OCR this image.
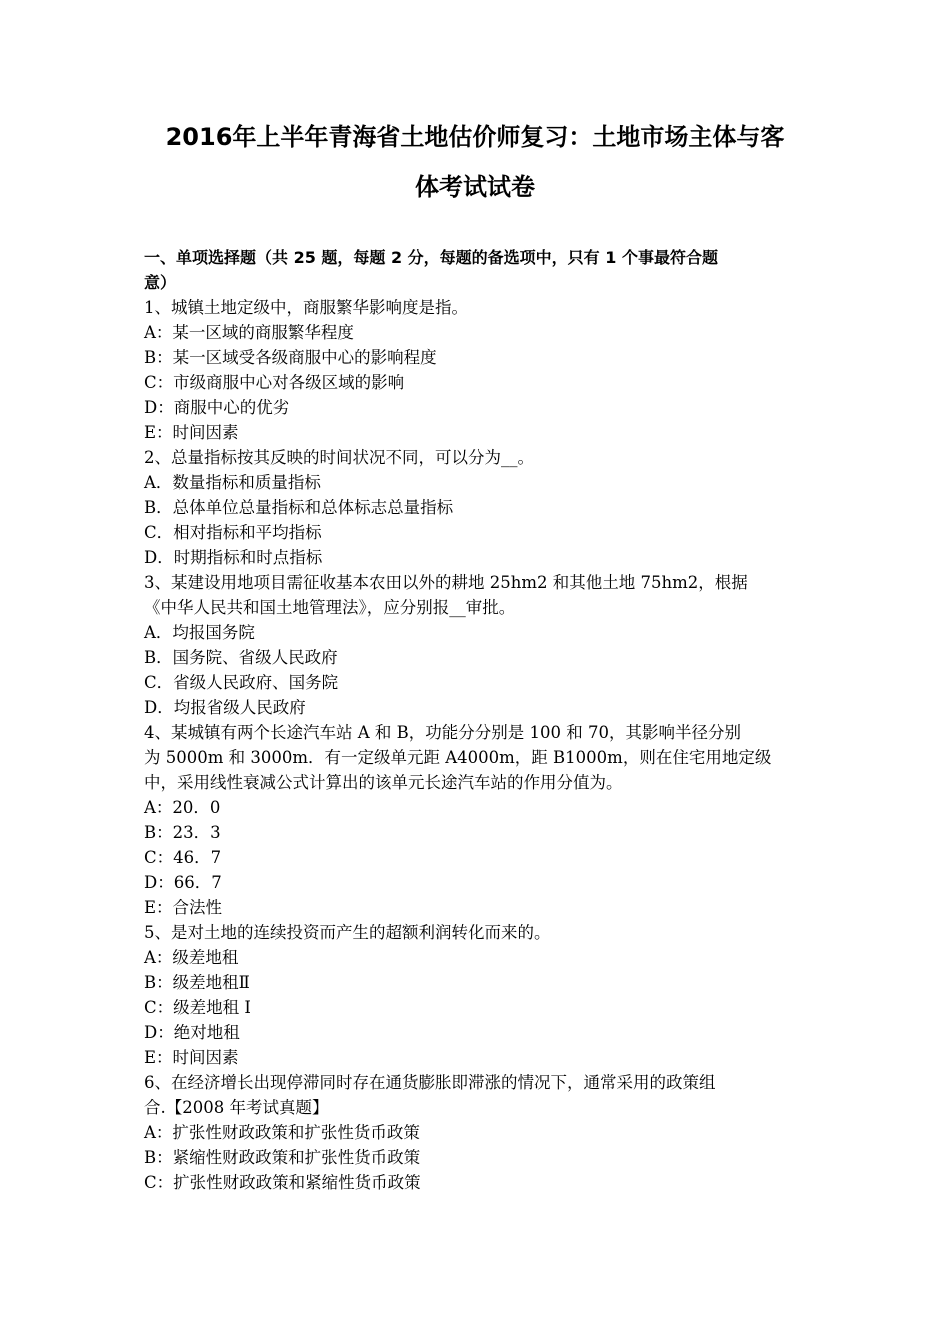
2016年上半年青海省土地估价师复习：土地市场主体与客
体考试试卷
一、单项选择题（共 25 题，每题 2 分，每题的备选项中，只有 1 个事最符合题
意）
1、城镇土地定级中，商服繁华影响度是指。
A：某一区域的商服繁华程度
B：某一区域受各级商服中心的影响程度
C：市级商服中心对各级区域的影响
D：商服中心的优劣
E：时间因素
2、总量指标按其反映的时间状况不同，可以分为__。
A．数量指标和质量指标
B．总体单位总量指标和总体标志总量指标
C．相对指标和平均指标
D．时期指标和时点指标
3、某建设用地项目需征收基本农田以外的耕地 25hm2 和其他土地 75hm2，根据
《中华人民共和国土地管理法》，应分别报__审批。
A．均报国务院
B．国务院、省级人民政府
C．省级人民政府、国务院
D．均报省级人民政府
4、某城镇有两个长途汽车站 A 和 B，功能分分别是 100 和 70，其影响半径分别
为 5000m 和 3000m．有一定级单元距 A4000m，距 B1000m，则在住宅用地定级
中，采用线性衰减公式计算出的该单元长途汽车站的作用分值为。
A：20．0
B：23．3
C：46．7
D：66．7
E：合法性
5、是对土地的连续投资而产生的超额利润转化而来的。
A：级差地租
B：级差地租Ⅱ
C：级差地租 I
D：绝对地租
E：时间因素
6、在经济增长出现停滞同时存在通货膨胀即滞涨的情况下，通常采用的政策组
合.【2008 年考试真题】
A：扩张性财政政策和扩张性货币政策
B：紧缩性财政政策和扩张性货币政策
C：扩张性财政政策和紧缩性货币政策
